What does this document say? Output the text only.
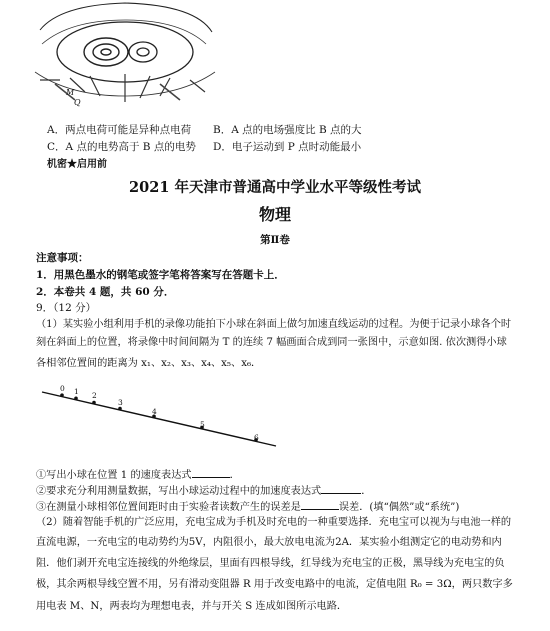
M
Q
A．两点电荷可能是异种点电荷 B．A 点的电场强度比 B 点的大
C．A 点的电势高于 B 点的电势 D．电子运动到 P 点时动能最小
机密★启用前
2021 年天津市普通高中学业水平等级性考试
物理
第Ⅱ卷
注意事项：
1．用黑色墨水的钢笔或签字笔将答案写在答题卡上．
2．本卷共 4 题，共 60 分．
9．（12 分）
（1）某实验小组利用手机的录像功能拍下小球在斜面上做匀加速直线运动的过程。为便于记录小球各个时
刻在斜面上的位置，将录像中时间间隔为 T 的连续 7 幅画面合成到同一张图中，示意如图. 依次测得小球
各相邻位置间的距离为 x₁、x₂、x₃、x₄、x₅、x₆．
0 1 2
3
4
5
6
①写出小球在位置 1 的速度表达式	．
②要求充分利用测量数据，写出小球运动过程中的加速度表达式	．
③在测量小球相邻位置间距时由于实验者读数产生的误差是	误差．(填“偶然”或“系统”)
（2）随着智能手机的广泛应用，充电宝成为手机及时充电的一种重要选择．充电宝可以视为与电池一样的
直流电源，一充电宝的电动势约为5V，内阻很小，最大放电电流为2A．某实验小组测定它的电动势和内
阻．他们剥开充电宝连接线的外绝缘层，里面有四根导线，红导线为充电宝的正极，黑导线为充电宝的负
极，其余两根导线空置不用，另有滑动变阻器 R 用于改变电路中的电流，定值电阻 R₀ = 3Ω，两只数字多
用电表 M、N，两表均为理想电表，并与开关 S 连成如图所示电路．
